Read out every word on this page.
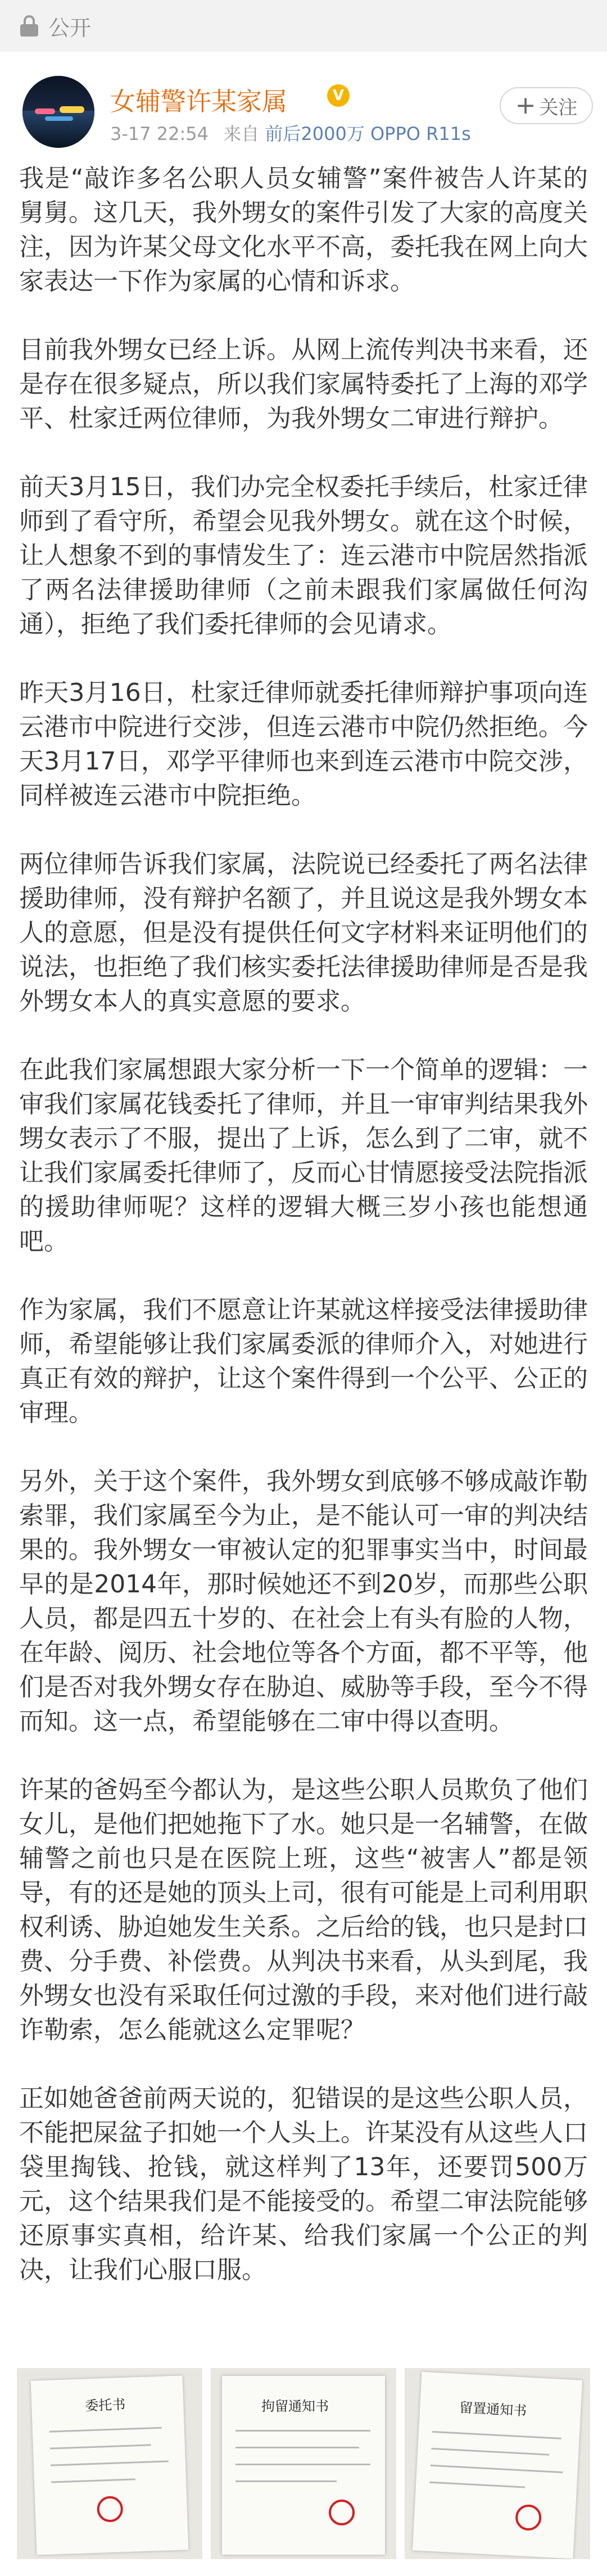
公开
女辅警许某家属	V
3-17 22:54 来自 前后2000万 OPPO R11s
+ 关注

我是“敲诈多名公职人员女辅警”案件被告人许某的舅舅。这几天，我外甥女的案件引发了大家的高度关注，因为许某父母文化水平不高，委托我在网上向大家表达一下作为家属的心情和诉求。

目前我外甥女已经上诉。从网上流传判决书来看，还是存在很多疑点，所以我们家属特委托了上海的邓学平、杜家迁两位律师，为我外甥女二审进行辩护。

前天3月15日，我们办完全权委托手续后，杜家迁律师到了看守所，希望会见我外甥女。就在这个时候，让人想象不到的事情发生了：连云港市中院居然指派了两名法律援助律师（之前未跟我们家属做任何沟通），拒绝了我们委托律师的会见请求。

昨天3月16日，杜家迁律师就委托律师辩护事项向连云港市中院进行交涉，但连云港市中院仍然拒绝。今天3月17日，邓学平律师也来到连云港市中院交涉，同样被连云港市中院拒绝。

两位律师告诉我们家属，法院说已经委托了两名法律援助律师，没有辩护名额了，并且说这是我外甥女本人的意愿，但是没有提供任何文字材料来证明他们的说法，也拒绝了我们核实委托法律援助律师是否是我外甥女本人的真实意愿的要求。

在此我们家属想跟大家分析一下一个简单的逻辑：一审我们家属花钱委托了律师，并且一审审判结果我外甥女表示了不服，提出了上诉，怎么到了二审，就不让我们家属委托律师了，反而心甘情愿接受法院指派的援助律师呢？这样的逻辑大概三岁小孩也能想通吧。

作为家属，我们不愿意让许某就这样接受法律援助律师，希望能够让我们家属委派的律师介入，对她进行真正有效的辩护，让这个案件得到一个公平、公正的审理。

另外，关于这个案件，我外甥女到底够不够成敲诈勒索罪，我们家属至今为止，是不能认可一审的判决结果的。我外甥女一审被认定的犯罪事实当中，时间最早的是2014年，那时候她还不到20岁，而那些公职人员，都是四五十岁的、在社会上有头有脸的人物，在年龄、阅历、社会地位等各个方面，都不平等，他们是否对我外甥女存在胁迫、威胁等手段，至今不得而知。这一点，希望能够在二审中得以查明。

许某的爸妈至今都认为，是这些公职人员欺负了他们女儿，是他们把她拖下了水。她只是一名辅警，在做辅警之前也只是在医院上班，这些“被害人”都是领导，有的还是她的顶头上司，很有可能是上司利用职权利诱、胁迫她发生关系。之后给的钱，也只是封口费、分手费、补偿费。从判决书来看，从头到尾，我外甥女也没有采取任何过激的手段，来对他们进行敲诈勒索，怎么能就这么定罪呢？

正如她爸爸前两天说的，犯错误的是这些公职人员，不能把屎盆子扣她一个人头上。许某没有从这些人口袋里掏钱、抢钱，就这样判了13年，还要罚500万元，这个结果我们是不能接受的。希望二审法院能够还原事实真相，给许某、给我们家属一个公正的判决，让我们心服口服。

委托书	拘留通知书	留置通知书
